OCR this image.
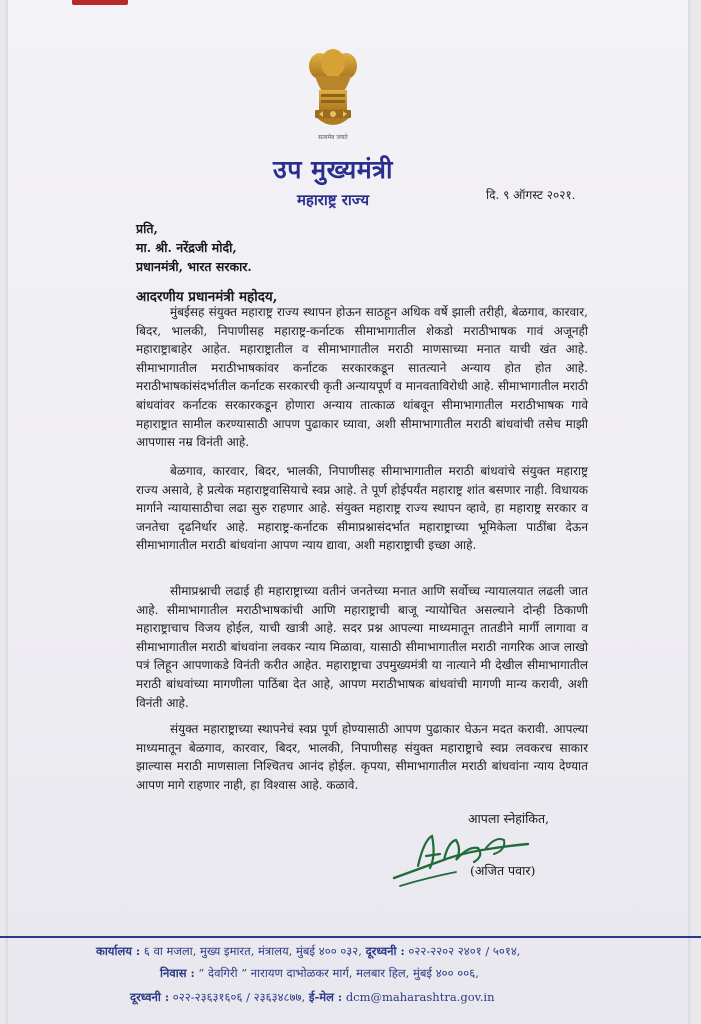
सत्यमेव जयते
उप मुख्यमंत्री
महाराष्ट्र राज्य	दि. ९ ऑगस्ट २०२१.
प्रति,
मा. श्री. नरेंद्रजी मोदी,
प्रधानमंत्री, भारत सरकार.
आदरणीय प्रधानमंत्री महोदय,

मुंबईसह संयुक्त महाराष्ट्र राज्य स्थापन होऊन साठहून अधिक वर्षे झाली तरीही, बेळगाव, कारवार, बिदर, भालकी, निपाणीसह महाराष्ट्र-कर्नाटक सीमाभागातील शेकडो मराठीभाषक गावं अजूनही महाराष्ट्राबाहेर आहेत. महाराष्ट्रातील व सीमाभागातील मराठी माणसाच्या मनात याची खंत आहे. सीमाभागातील मराठीभाषकांवर कर्नाटक सरकारकडून सातत्याने अन्याय होत होत आहे. मराठीभाषकांसंदर्भातील कर्नाटक सरकारची कृती अन्यायपूर्ण व मानवताविरोधी आहे. सीमाभागातील मराठी बांधवांवर कर्नाटक सरकारकडून होणारा अन्याय तात्काळ थांबवून सीमाभागातील मराठीभाषक गावे महाराष्ट्रात सामील करण्यासाठी आपण पुढाकार घ्यावा, अशी सीमाभागातील मराठी बांधवांची तसेच माझी आपणास नम्र विनंती आहे.

बेळगाव, कारवार, बिदर, भालकी, निपाणीसह सीमाभागातील मराठी बांधवांचे संयुक्त महाराष्ट्र राज्य असावे, हे प्रत्येक महाराष्ट्रवासियाचे स्वप्न आहे. ते पूर्ण होईपर्यंत महाराष्ट्र शांत बसणार नाही. विधायक मार्गाने न्यायासाठीचा लढा सुरु राहणार आहे. संयुक्त महाराष्ट्र राज्य स्थापन व्हावे, हा महाराष्ट्र सरकार व जनतेचा दृढनिर्धार आहे. महाराष्ट्र-कर्नाटक सीमाप्रश्नासंदर्भात महाराष्ट्राच्या भूमिकेला पाठींबा देऊन सीमाभागातील मराठी बांधवांना आपण न्याय द्यावा, अशी महाराष्ट्राची इच्छा आहे.

सीमाप्रश्नाची लढाई ही महाराष्ट्राच्या वतीनं जनतेच्या मनात आणि सर्वोच्च न्यायालयात लढली जात आहे. सीमाभागातील मराठीभाषकांची आणि महाराष्ट्राची बाजू न्यायोचित असल्याने दोन्ही ठिकाणी महाराष्ट्राचाच विजय होईल, याची खात्री आहे. सदर प्रश्न आपल्या माध्यमातून तातडीने मार्गी लागावा व सीमाभागातील मराठी बांधवांना लवकर न्याय मिळावा, यासाठी सीमाभागातील मराठी नागरिक आज लाखो पत्रं लिहून आपणाकडे विनंती करीत आहेत. महाराष्ट्राचा उपमुख्यमंत्री या नात्याने मी देखील सीमाभागातील मराठी बांधवांच्या मागणीला पाठिंबा देत आहे, आपण मराठीभाषक बांधवांची मागणी मान्य करावी, अशी विनंती आहे.

संयुक्त महाराष्ट्राच्या स्थापनेचं स्वप्न पूर्ण होण्यासाठी आपण पुढाकार घेऊन मदत करावी. आपल्या माध्यमातून बेळगाव, कारवार, बिदर, भालकी, निपाणीसह संयुक्त महाराष्ट्राचे स्वप्न लवकरच साकार झाल्यास मराठी माणसाला निश्चितच आनंद होईल. कृपया, सीमाभागातील मराठी बांधवांना न्याय देण्यात आपण मागे राहणार नाही, हा विश्वास आहे. कळावे.

आपला स्नेहांकित,
(अजित पवार)
कार्यालय : ६ वा मजला, मुख्य इमारत, मंत्रालय, मुंबई ४०० ०३२, दूरध्वनी : ०२२-२२०२ २४०१ / ५०१४,
निवास : “ देवगिरी ” नारायण दाभोळकर मार्ग, मलबार हिल, मुंबई ४०० ००६,
दूरध्वनी : ०२२-२३६३१६०६ / २३६३४८७७, ई-मेल : dcm@maharashtra.gov.in
